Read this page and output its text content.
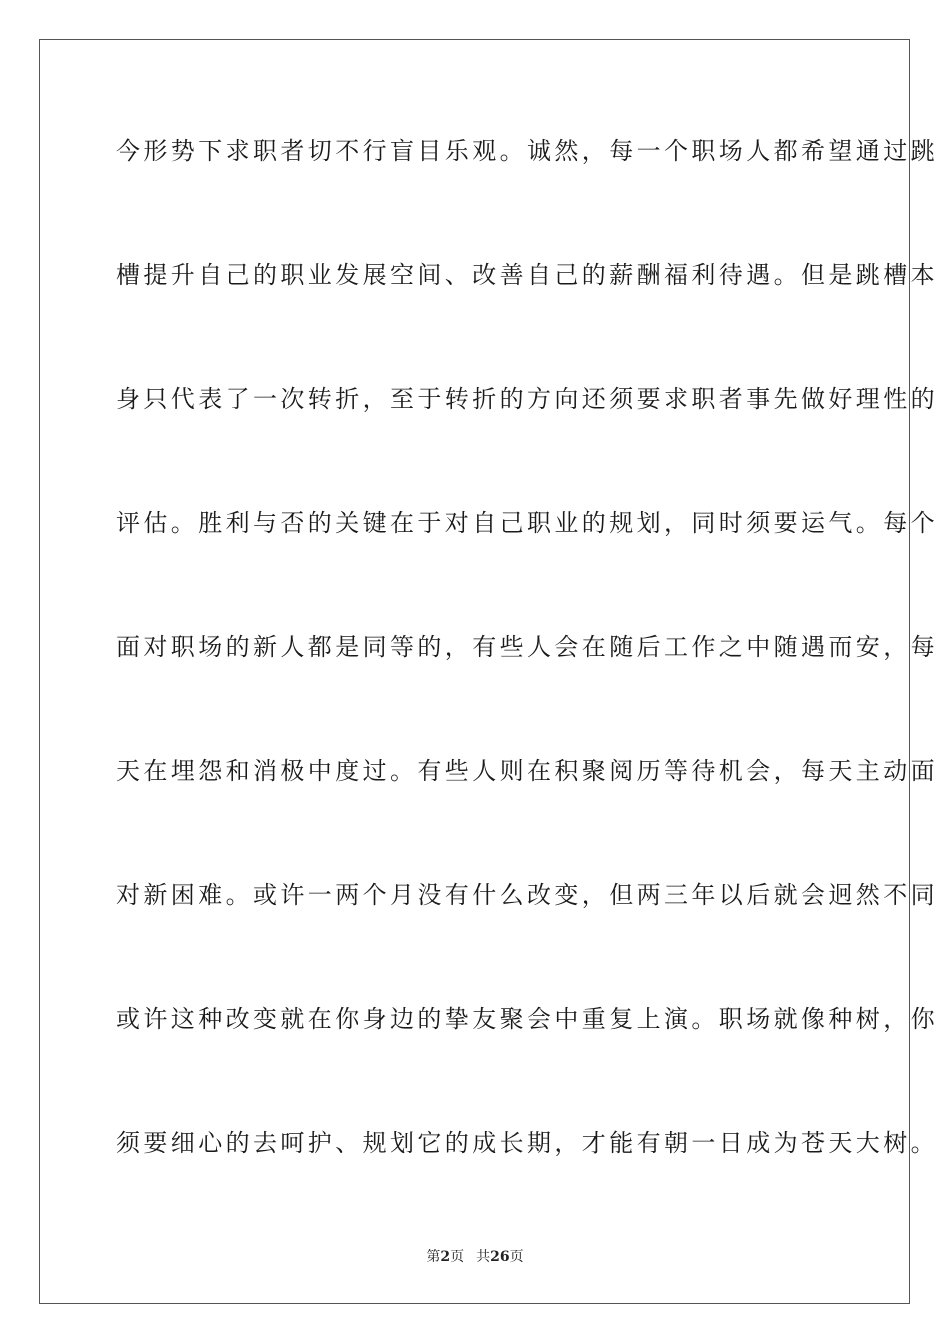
今形势下求职者切不行盲目乐观。诚然，每一个职场人都希望通过跳
槽提升自己的职业发展空间、改善自己的薪酬福利待遇。但是跳槽本
身只代表了一次转折，至于转折的方向还须要求职者事先做好理性的
评估。胜利与否的关键在于对自己职业的规划，同时须要运气。每个
面对职场的新人都是同等的，有些人会在随后工作之中随遇而安，每
天在埋怨和消极中度过。有些人则在积聚阅历等待机会，每天主动面
对新困难。或许一两个月没有什么改变，但两三年以后就会迥然不同
或许这种改变就在你身边的挚友聚会中重复上演。职场就像种树，你
须要细心的去呵护、规划它的成长期，才能有朝一日成为苍天大树。
第2页 共26页
